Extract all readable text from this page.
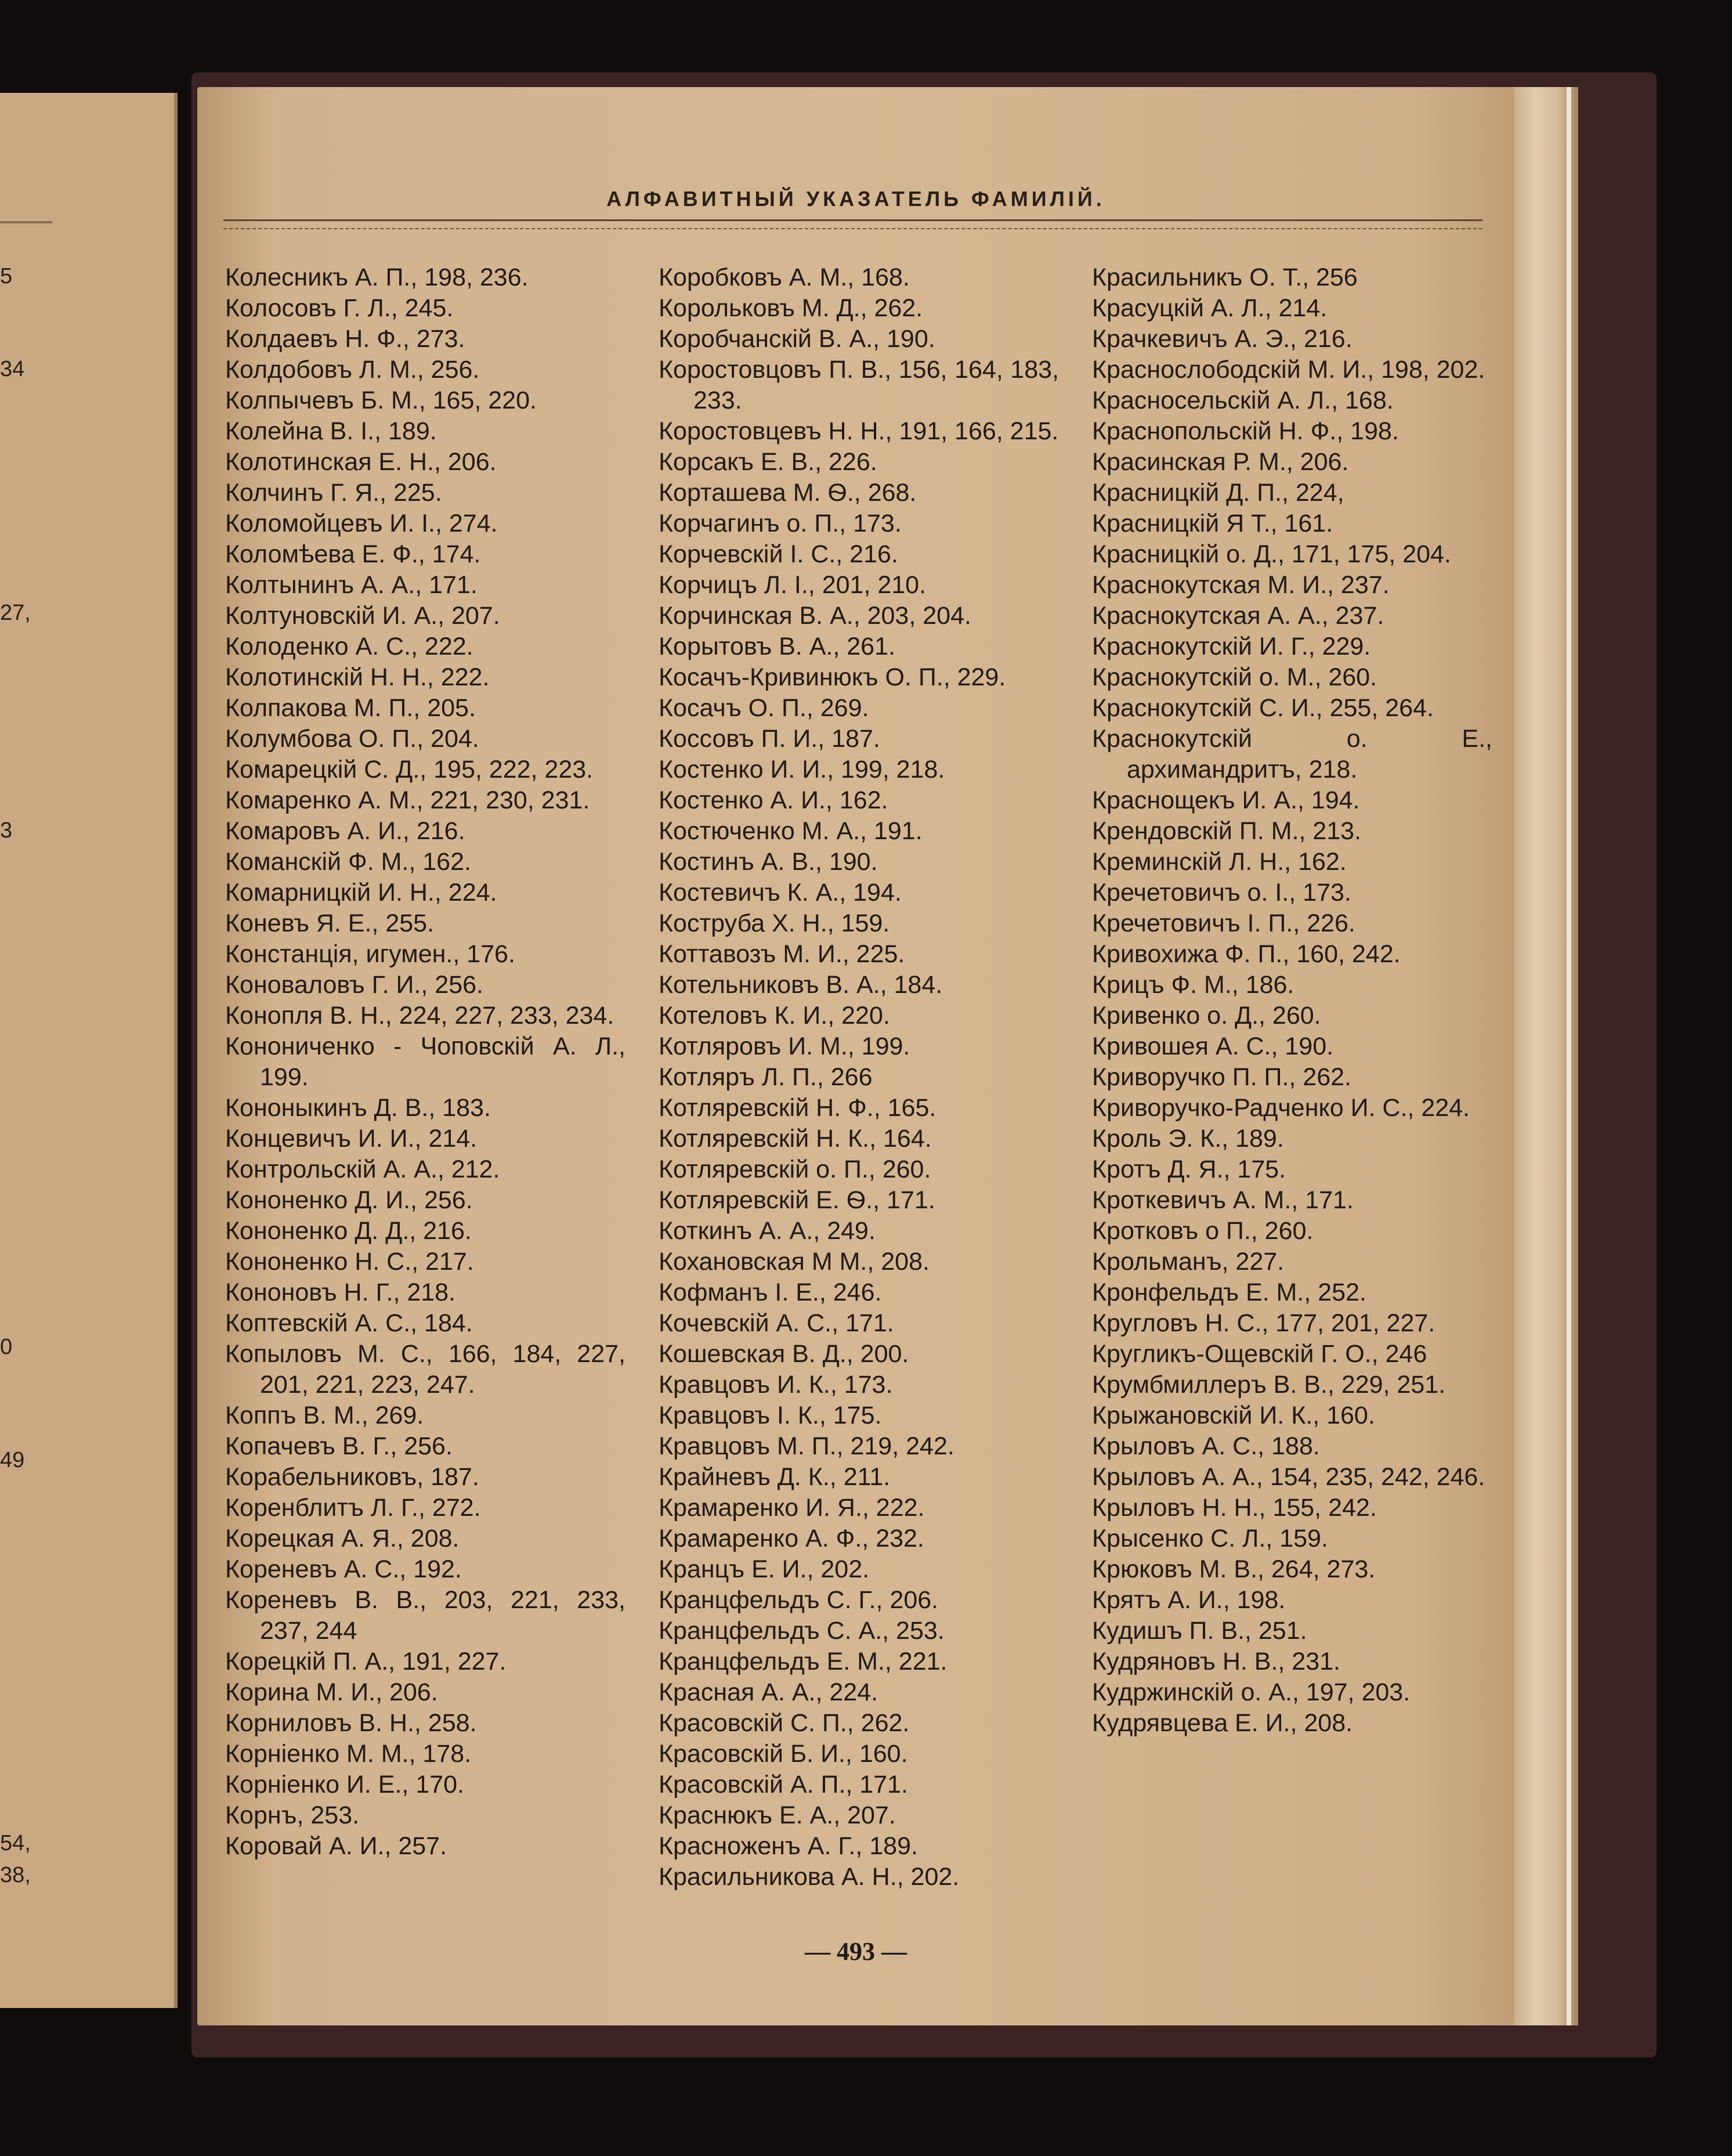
5
34
27,
3
0
49
54,
38,
АЛФАВИТНЫЙ УКАЗАТЕЛЬ ФАМИЛІЙ.
Колесникъ А. П., 198, 236.
Колосовъ Г. Л., 245.
Колдаевъ Н. Ф., 273.
Колдобовъ Л. М., 256.
Колпычевъ Б. М., 165, 220.
Колейна В. І., 189.
Колотинская Е. Н., 206.
Колчинъ Г. Я., 225.
Коломойцевъ И. І., 274.
Коломѣева Е. Ф., 174.
Колтынинъ А. А., 171.
Колтуновскій И. А., 207.
Колоденко А. С., 222.
Колотинскій Н. Н., 222.
Колпакова М. П., 205.
Колумбова О. П., 204.
Комарецкій С. Д., 195, 222, 223.
Комаренко А. М., 221, 230, 231.
Комаровъ А. И., 216.
Команскій Ф. М., 162.
Комарницкій И. Н., 224.
Коневъ Я. Е., 255.
Констанція, игумен., 176.
Коноваловъ Г. И., 256.
Конопля В. Н., 224, 227, 233, 234.
Конониченко - Чоповскій А. Л., 199.
Кононыкинъ Д. В., 183.
Концевичъ И. И., 214.
Контрольскій А. А., 212.
Кононенко Д. И., 256.
Кононенко Д. Д., 216.
Кононенко Н. С., 217.
Кононовъ Н. Г., 218.
Коптевскій А. С., 184.
Копыловъ М. С., 166, 184, 227, 201, 221, 223, 247.
Коппъ В. М., 269.
Копачевъ В. Г., 256.
Корабельниковъ, 187.
Коренблитъ Л. Г., 272.
Корецкая А. Я., 208.
Кореневъ А. С., 192.
Кореневъ В. В., 203, 221, 233, 237, 244
Корецкій П. А., 191, 227.
Корина М. И., 206.
Корниловъ В. Н., 258.
Корніенко М. М., 178.
Корніенко И. Е., 170.
Корнъ, 253.
Коровай А. И., 257.
Коробковъ А. М., 168.
Корольковъ М. Д., 262.
Коробчанскій В. А., 190.
Коростовцовъ П. В., 156, 164, 183, 233.
Коростовцевъ Н. Н., 191, 166, 215.
Корсакъ Е. В., 226.
Корташева М. Ѳ., 268.
Корчагинъ о. П., 173.
Корчевскій І. С., 216.
Корчицъ Л. І., 201, 210.
Корчинская В. А., 203, 204.
Корытовъ В. А., 261.
Косачъ-Кривинюкъ О. П., 229.
Косачъ О. П., 269.
Коссовъ П. И., 187.
Костенко И. И., 199, 218.
Костенко А. И., 162.
Костюченко М. А., 191.
Костинъ А. В., 190.
Костевичъ К. А., 194.
Коструба Х. Н., 159.
Коттавозъ М. И., 225.
Котельниковъ В. А., 184.
Котеловъ К. И., 220.
Котляровъ И. М., 199.
Котляръ Л. П., 266
Котляревскій Н. Ф., 165.
Котляревскій Н. К., 164.
Котляревскій о. П., 260.
Котляревскій Е. Ѳ., 171.
Коткинъ А. А., 249.
Кохановская М М., 208.
Кофманъ І. Е., 246.
Кочевскій А. С., 171.
Кошевская В. Д., 200.
Кравцовъ И. К., 173.
Кравцовъ І. К., 175.
Кравцовъ М. П., 219, 242.
Крайневъ Д. К., 211.
Крамаренко И. Я., 222.
Крамаренко А. Ф., 232.
Кранцъ Е. И., 202.
Кранцфельдъ С. Г., 206.
Кранцфельдъ С. А., 253.
Кранцфельдъ Е. М., 221.
Красная А. А., 224.
Красовскій С. П., 262.
Красовскій Б. И., 160.
Красовскій А. П., 171.
Краснюкъ Е. А., 207.
Красноженъ А. Г., 189.
Красильникова А. Н., 202.
Красильникъ О. Т., 256
Красуцкій А. Л., 214.
Крачкевичъ А. Э., 216.
Краснослободскій М. И., 198, 202.
Красносельскій А. Л., 168.
Краснопольскій Н. Ф., 198.
Красинская Р. М., 206.
Красницкій Д. П., 224,
Красницкій Я Т., 161.
Красницкій о. Д., 171, 175, 204.
Краснокутская М. И., 237.
Краснокутская А. А., 237.
Краснокутскій И. Г., 229.
Краснокутскій о. М., 260.
Краснокутскій С. И., 255, 264.
Краснокутскій о. Е., архимандритъ, 218.
Краснощекъ И. А., 194.
Крендовскій П. М., 213.
Креминскій Л. Н., 162.
Кречетовичъ о. І., 173.
Кречетовичъ І. П., 226.
Кривохижа Ф. П., 160, 242.
Крицъ Ф. М., 186.
Кривенко о. Д., 260.
Кривошея А. С., 190.
Криворучко П. П., 262.
Криворучко-Радченко И. С., 224.
Кроль Э. К., 189.
Кротъ Д. Я., 175.
Кроткевичъ А. М., 171.
Кротковъ о П., 260.
Крольманъ, 227.
Кронфельдъ Е. М., 252.
Кругловъ Н. С., 177, 201, 227.
Кругликъ-Ощевскій Г. О., 246
Крумбмиллеръ В. В., 229, 251.
Крыжановскій И. К., 160.
Крыловъ А. С., 188.
Крыловъ А. А., 154, 235, 242, 246.
Крыловъ Н. Н., 155, 242.
Крысенко С. Л., 159.
Крюковъ М. В., 264, 273.
Крятъ А. И., 198.
Кудишъ П. В., 251.
Кудряновъ Н. В., 231.
Кудржинскій о. А., 197, 203.
Кудрявцева Е. И., 208.
— 493 —
